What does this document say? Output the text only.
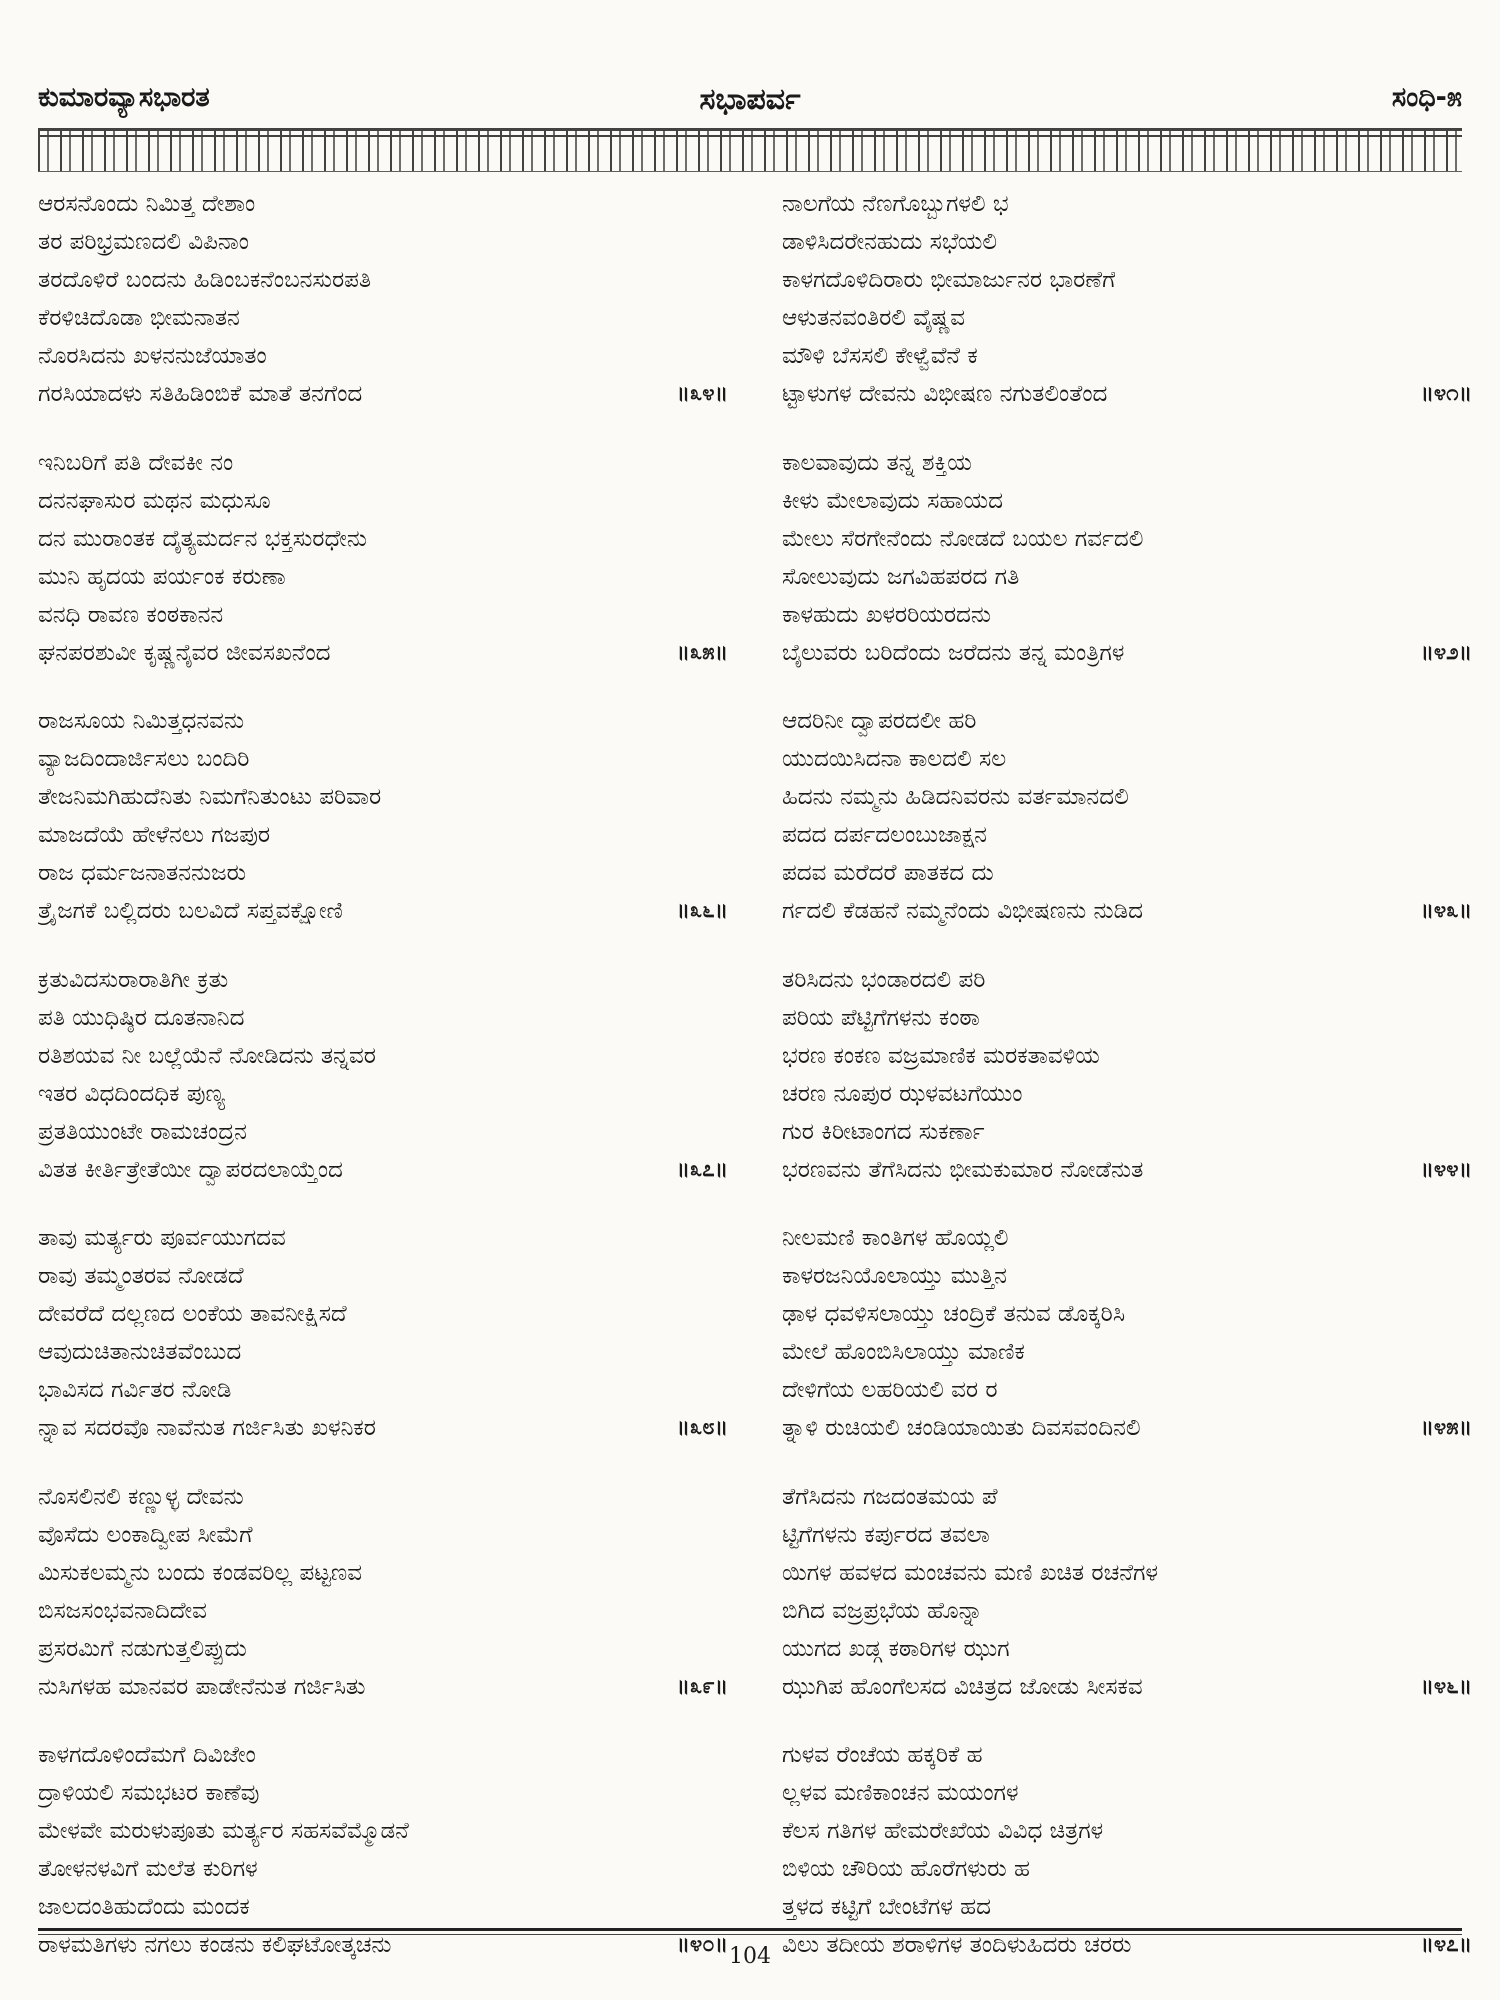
ಕುಮಾರವ್ಯಾಸಭಾರತ	ಸಭಾಪರ್ವ	ಸಂಧಿ-೫
ಆರಸನೊಂದು ನಿಮಿತ್ತ ದೇಶಾಂ
ತರ ಪರಿಭ್ರಮಣದಲಿ ವಿಪಿನಾಂ
ತರದೊಳಿರೆ ಬಂದನು ಹಿಡಿಂಬಕನೆಂಬನಸುರಪತಿ
ಕೆರಳಿಚಿದೊಡಾ ಭೀಮನಾತನ
ನೊರಸಿದನು ಖಳನನುಜೆಯಾತಂ
ಗರಸಿಯಾದಳು ಸತಿಹಿಡಿಂಬಿಕೆ ಮಾತೆ ತನಗೆಂದ	॥೩೪॥
ಇನಿಬರಿಗೆ ಪತಿ ದೇವಕೀ ನಂ
ದನನಘಾಸುರ ಮಥನ ಮಧುಸೂ
ದನ ಮುರಾಂತಕ ದೈತ್ಯಮರ್ದನ ಭಕ್ತಸುರಧೇನು
ಮುನಿ ಹೃದಯ ಪರ್ಯಂಕ ಕರುಣಾ
ವನಧಿ ರಾವಣ ಕಂಠಕಾನನ
ಘನಪರಶುವೀ ಕೃಷ್ಣನೈವರ ಜೀವಸಖನೆಂದ	॥೩೫॥
ರಾಜಸೂಯ ನಿಮಿತ್ತಧನವನು
ವ್ಯಾಜದಿಂದಾರ್ಜಿಸಲು ಬಂದಿರಿ
ತೇಜನಿಮಗಿಹುದೆನಿತು ನಿಮಗೆನಿತುಂಟು ಪರಿವಾರ
ಮಾಜದೆಯೆ ಹೇಳೆನಲು ಗಜಪುರ
ರಾಜ ಧರ್ಮಜನಾತನನುಜರು
ತ್ರೈಜಗಕೆ ಬಲ್ಲಿದರು ಬಲವಿದೆ ಸಪ್ತವಕ್ಷೋಣಿ	॥೩೬॥
ಕ್ರತುವಿದಸುರಾರಾತಿಗೀ ಕ್ರತು
ಪತಿ ಯುಧಿಷ್ಠಿರ ದೂತನಾನಿದ
ರತಿಶಯವ ನೀ ಬಲ್ಲೆಯೆನೆ ನೋಡಿದನು ತನ್ನವರ
ಇತರ ವಿಧದಿಂದಧಿಕ ಪುಣ್ಯ
ಪ್ರತತಿಯುಂಟೇ ರಾಮಚಂದ್ರನ
ವಿತತ ಕೀರ್ತಿತ್ರೇತೆಯೀ ದ್ವಾಪರದಲಾಯ್ತೆಂದ	॥೩೭॥
ತಾವು ಮರ್ತ್ಯರು ಪೂರ್ವಯುಗದವ
ರಾವು ತಮ್ಮಂತರವ ನೋಡದೆ
ದೇವರೆದೆ ದಲ್ಲಣದ ಲಂಕೆಯ ತಾವನೀಕ್ಷಿಸದೆ
ಆವುದುಚಿತಾನುಚಿತವೆಂಬುದ
ಭಾವಿಸದ ಗರ್ವಿತರ ನೋಡಿ
ನ್ನಾವ ಸದರವೊ ನಾವೆನುತ ಗರ್ಜಿಸಿತು ಖಳನಿಕರ	॥೩೮॥
ನೊಸಲಿನಲಿ ಕಣ್ಣುಳ್ಳ ದೇವನು
ವೊಸೆದು ಲಂಕಾದ್ವೀಪ ಸೀಮೆಗೆ
ಮಿಸುಕಲಮ್ಮನು ಬಂದು ಕಂಡವರಿಲ್ಲ ಪಟ್ಟಣವ
ಬಿಸಜಸಂಭವನಾದಿದೇವ
ಪ್ರಸರಮಿಗೆ ನಡುಗುತ್ತಲಿಪ್ಪುದು
ನುಸಿಗಳಹ ಮಾನವರ ಪಾಡೇನೆನುತ ಗರ್ಜಿಸಿತು	॥೩೯॥
ಕಾಳಗದೊಳಿಂದೆಮಗೆ ದಿವಿಜೇಂ
ದ್ರಾಳಿಯಲಿ ಸಮಭಟರ ಕಾಣೆವು
ಮೇಳವೇ ಮರುಳುಪೂತು ಮರ್ತ್ಯರ ಸಹಸವೆಮ್ಮೊಡನೆ
ತೋಳನಳವಿಗೆ ಮಲೆತ ಕುರಿಗಳ
ಜಾಲದಂತಿಹುದೆಂದು ಮಂದಕ
ರಾಳಮತಿಗಳು ನಗಲು ಕಂಡನು ಕಲಿಘಟೋತ್ಕಚನು	॥೪೦॥
ನಾಲಗೆಯ ನೆಣಗೊಬ್ಬುಗಳಲಿ ಭ
ಡಾಳಿಸಿದರೇನಹುದು ಸಭೆಯಲಿ
ಕಾಳಗದೊಳಿದಿರಾರು ಭೀಮಾರ್ಜುನರ ಭಾರಣೆಗೆ
ಆಳುತನವಂತಿರಲಿ ವೈಷ್ಣವ
ಮೌಳಿ ಬೆಸಸಲಿ ಕೇಳ್ವೆವೆನೆ ಕ
ಟ್ಟಾಳುಗಳ ದೇವನು ವಿಭೀಷಣ ನಗುತಲಿಂತೆಂದ	॥೪೧॥
ಕಾಲವಾವುದು ತನ್ನ ಶಕ್ತಿಯ
ಕೀಳು ಮೇಲಾವುದು ಸಹಾಯದ
ಮೇಲು ಸೆರಗೇನೆಂದು ನೋಡದೆ ಬಯಲ ಗರ್ವದಲಿ
ಸೋಲುವುದು ಜಗವಿಹಪರದ ಗತಿ
ಕಾಳಹುದು ಖಳರರಿಯರದನು
ಬೈಲುವರು ಬರಿದೆಂದು ಜರೆದನು ತನ್ನ ಮಂತ್ರಿಗಳ	॥೪೨॥
ಆದರಿನೀ ದ್ವಾಪರದಲೀ ಹರಿ
ಯುದಯಿಸಿದನಾ ಕಾಲದಲಿ ಸಲ
ಹಿದನು ನಮ್ಮನು ಹಿಡಿದನಿವರನು ವರ್ತಮಾನದಲಿ
ಪದದ ದರ್ಪದಲಂಬುಜಾಕ್ಷನ
ಪದವ ಮರೆದರೆ ಪಾತಕದ ದು
ರ್ಗದಲಿ ಕೆಡಹನೆ ನಮ್ಮನೆಂದು ವಿಭೀಷಣನು ನುಡಿದ	॥೪೩॥
ತರಿಸಿದನು ಭಂಡಾರದಲಿ ಪರಿ
ಪರಿಯ ಪೆಟ್ಟಿಗೆಗಳನು ಕಂಠಾ
ಭರಣ ಕಂಕಣ ವಜ್ರಮಾಣಿಕ ಮರಕತಾವಳಿಯ
ಚರಣ ನೂಪುರ ಝಳವಟಗೆಯುಂ
ಗುರ ಕಿರೀಟಾಂಗದ ಸುಕರ್ಣಾ
ಭರಣವನು ತೆಗೆಸಿದನು ಭೀಮಕುಮಾರ ನೋಡೆನುತ	॥೪೪॥
ನೀಲಮಣಿ ಕಾಂತಿಗಳ ಹೊಯ್ಲಲಿ
ಕಾಳರಜನಿಯೊಲಾಯ್ತು ಮುತ್ತಿನ
ಢಾಳ ಧವಳಿಸಲಾಯ್ತು ಚಂದ್ರಿಕೆ ತನುವ ಡೊಕ್ಕರಿಸಿ
ಮೇಲೆ ಹೊಂಬಿಸಿಲಾಯ್ತು ಮಾಣಿಕ
ದೇಳಿಗೆಯ ಲಹರಿಯಲಿ ವರ ರ
ತ್ನಾಳಿ ರುಚಿಯಲಿ ಚಂಡಿಯಾಯಿತು ದಿವಸವಂದಿನಲಿ	॥೪೫॥
ತೆಗೆಸಿದನು ಗಜದಂತಮಯ ಪೆ
ಟ್ಟಿಗೆಗಳನು ಕರ್ಪುರದ ತವಲಾ
ಯಿಗಳ ಹವಳದ ಮಂಚವನು ಮಣಿ ಖಚಿತ ರಚನೆಗಳ
ಬಿಗಿದ ವಜ್ರಪ್ರಭೆಯ ಹೊನ್ನಾ
ಯುಗದ ಖಡ್ಗ ಕಠಾರಿಗಳ ಝುಗ
ಝುಗಿಪ ಹೊಂಗೆಲಸದ ವಿಚಿತ್ರದ ಜೋಡು ಸೀಸಕವ	॥೪೬॥
ಗುಳವ ರೆಂಚೆಯ ಹಕ್ಕರಿಕೆ ಹ
ಲ್ಲಳವ ಮಣಿಕಾಂಚನ ಮಯಂಗಳ
ಕೆಲಸ ಗತಿಗಳ ಹೇಮರೇಖೆಯ ವಿವಿಧ ಚಿತ್ರಗಳ
ಬಿಳಿಯ ಚೌರಿಯ ಹೊರೆಗಳುರು ಹ
ತ್ತಳದ ಕಟ್ಟಿಗೆ ಬೇಂಟೆಗಳ ಹದ
ವಿಲು ತದೀಯ ಶರಾಳಿಗಳ ತಂದಿಳುಹಿದರು ಚರರು	॥೪೭॥
104
